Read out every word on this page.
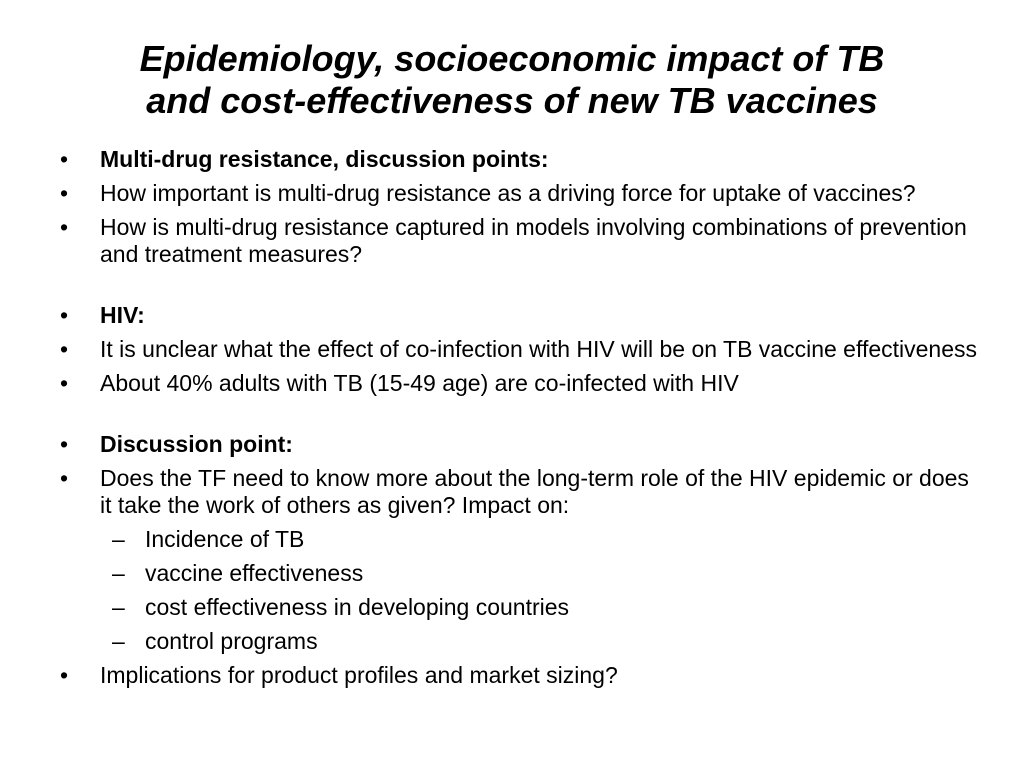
Epidemiology, socioeconomic impact of TB
and cost-effectiveness of new TB vaccines
•	Multi-drug resistance, discussion points:
•	How important is multi-drug resistance as a driving force for uptake of vaccines?
•	How is multi-drug resistance captured in models involving combinations of prevention and treatment measures?
•	HIV:
•	It is unclear what the effect of co-infection with HIV will be on TB vaccine effectiveness
•	About 40% adults with TB (15-49 age) are co-infected with HIV
•	Discussion point:
•	Does the TF need to know more about the long-term role of the HIV epidemic or does it take the work of others as given? Impact on:
– Incidence of TB
– vaccine effectiveness
– cost effectiveness in developing countries
– control programs
•	Implications for product profiles and market sizing?
